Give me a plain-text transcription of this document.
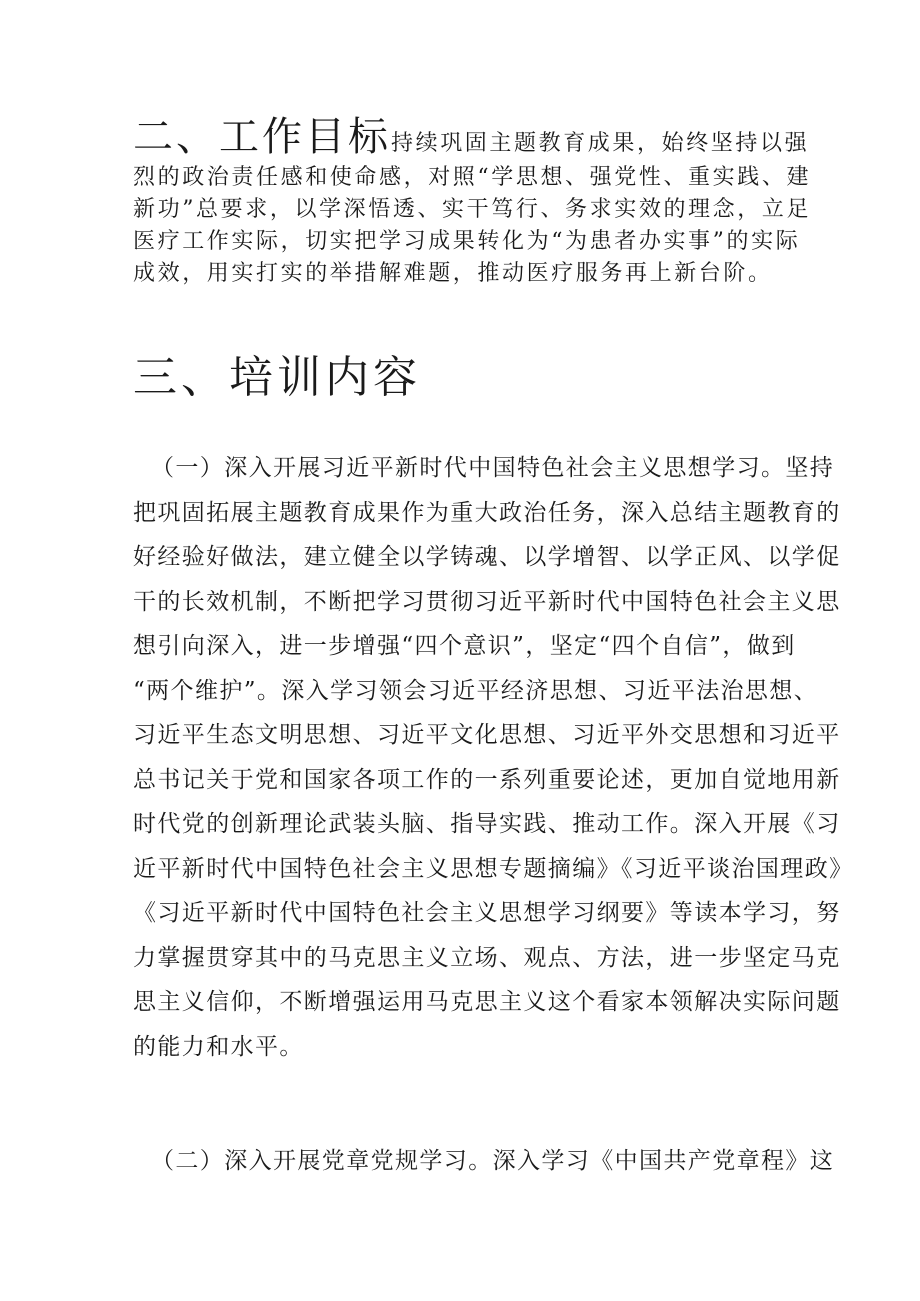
二、工作目标持续巩固主题教育成果，始终坚持以强
烈的政治责任感和使命感，对照“学思想、强党性、重实践、建
新功”总要求，以学深悟透、实干笃行、务求实效的理念，立足
医疗工作实际，切实把学习成果转化为“为患者办实事”的实际
成效，用实打实的举措解难题，推动医疗服务再上新台阶。
三、培训内容
（一）深入开展习近平新时代中国特色社会主义思想学习。坚持
把巩固拓展主题教育成果作为重大政治任务，深入总结主题教育的
好经验好做法，建立健全以学铸魂、以学增智、以学正风、以学促
干的长效机制，不断把学习贯彻习近平新时代中国特色社会主义思
想引向深入，进一步增强“四个意识”，坚定“四个自信”，做到
“两个维护”。深入学习领会习近平经济思想、习近平法治思想、
习近平生态文明思想、习近平文化思想、习近平外交思想和习近平
总书记关于党和国家各项工作的一系列重要论述，更加自觉地用新
时代党的创新理论武装头脑、指导实践、推动工作。深入开展《习
近平新时代中国特色社会主义思想专题摘编》《习近平谈治国理政》
《习近平新时代中国特色社会主义思想学习纲要》等读本学习，努
力掌握贯穿其中的马克思主义立场、观点、方法，进一步坚定马克
思主义信仰，不断增强运用马克思主义这个看家本领解决实际问题
的能力和水平。
（二）深入开展党章党规学习。深入学习《中国共产党章程》这
